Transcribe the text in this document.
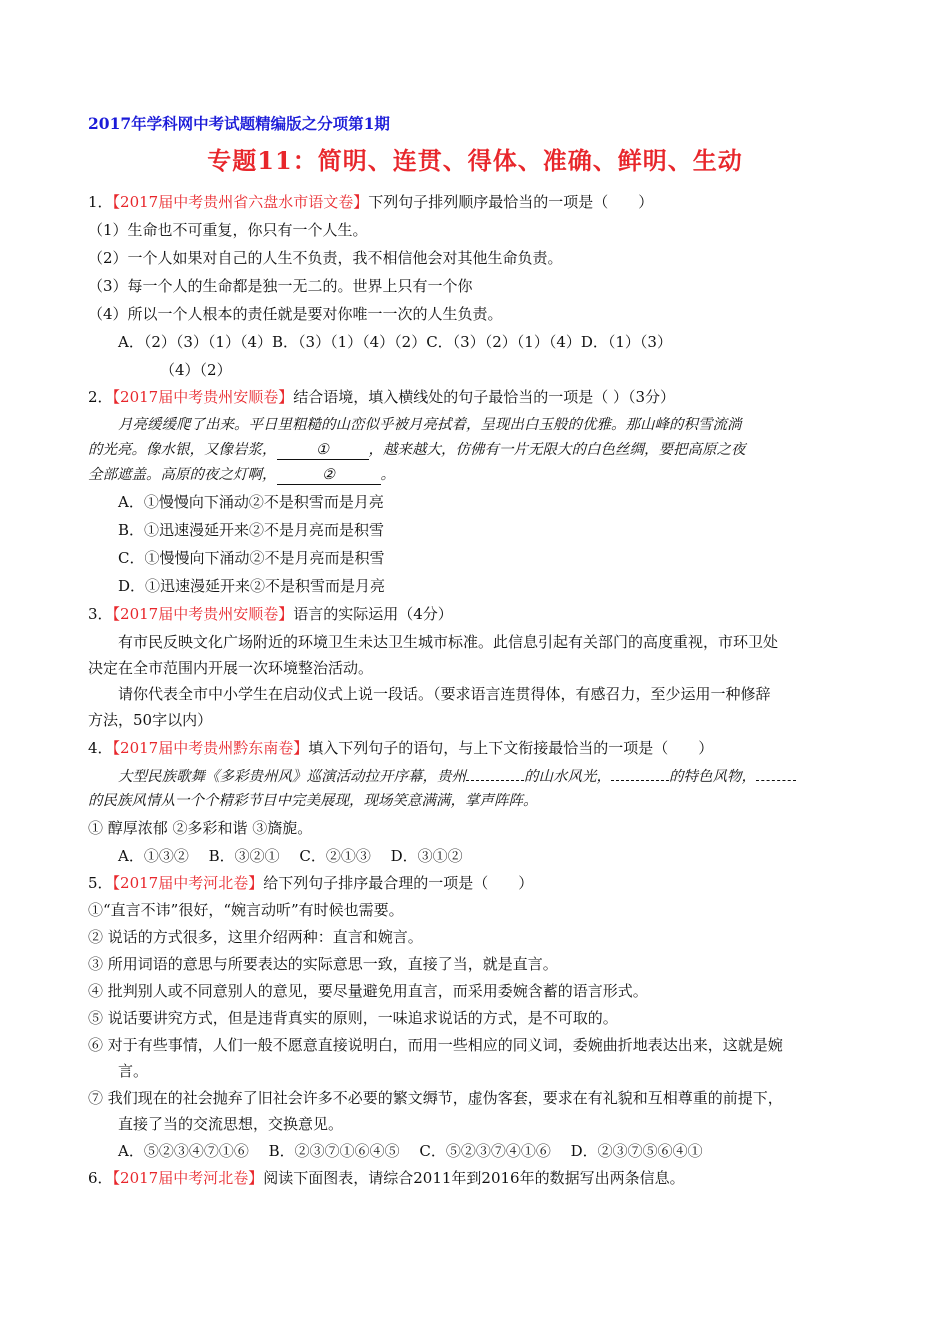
2017年学科网中考试题精编版之分项第1期
专题11：简明、连贯、得体、准确、鲜明、生动
1．【2017届中考贵州省六盘水市语文卷】下列句子排列顺序最恰当的一项是（　　）
（1）生命也不可重复，你只有一个人生。
（2）一个人如果对自己的人生不负责，我不相信他会对其他生命负责。
（3）每一个人的生命都是独一无二的。世界上只有一个你
（4）所以一个人根本的责任就是要对你唯一一次的人生负责。
A．（2）（3）（1）（4）B．（3）（1）（4）（2）C．（3）（2）（1）（4）D．（1）（3）
（4）（2）
2．【2017届中考贵州安顺卷】结合语境，填入横线处的句子最恰当的一项是（ ）（3分）
月亮缓缓爬了出来。平日里粗糙的山峦似乎被月亮拭着，呈现出白玉般的优雅。那山峰的积雪流淌
的光亮。像水银，又像岩浆，	①	，越来越大，仿佛有一片无限大的白色丝绸，要把高原之夜
全部遮盖。高原的夜之灯啊，	②	。
A．①慢慢向下涌动②不是积雪而是月亮
B．①迅速漫延开来②不是月亮而是积雪
C．①慢慢向下涌动②不是月亮而是积雪
D．①迅速漫延开来②不是积雪而是月亮
3．【2017届中考贵州安顺卷】语言的实际运用（4分）
有市民反映文化广场附近的环境卫生未达卫生城市标准。此信息引起有关部门的高度重视，市环卫处
决定在全市范围内开展一次环境整治活动。
请你代表全市中小学生在启动仪式上说一段话。（要求语言连贯得体，有感召力，至少运用一种修辞
方法，50字以内）
4．【2017届中考贵州黔东南卷】填入下列句子的语句，与上下文衔接最恰当的一项是（　　）
大型民族歌舞《多彩贵州风》巡演活动拉开序幕，贵州	的山水风光，	的特色风物，
的民族风情从一个个精彩节目中完美展现，现场笑意满满，掌声阵阵。
① 醇厚浓郁 ②多彩和谐 ③旖旎。
A．①③②　 B．③②①　 C．②①③　 D．③①②
5．【2017届中考河北卷】给下列句子排序最合理的一项是（　　）
①“直言不讳”很好，“婉言动听”有时候也需要。
② 说话的方式很多，这里介绍两种：直言和婉言。
③ 所用词语的意思与所要表达的实际意思一致，直接了当，就是直言。
④ 批判别人或不同意别人的意见，要尽量避免用直言，而采用委婉含蓄的语言形式。
⑤ 说话要讲究方式，但是违背真实的原则，一味追求说话的方式，是不可取的。
⑥ 对于有些事情，人们一般不愿意直接说明白，而用一些相应的同义词，委婉曲折地表达出来，这就是婉
言。
⑦ 我们现在的社会抛弃了旧社会许多不必要的繁文缛节，虚伪客套，要求在有礼貌和互相尊重的前提下，
直接了当的交流思想，交换意见。
A．⑤②③④⑦①⑥　 B．②③⑦①⑥④⑤　 C．⑤②③⑦④①⑥　 D．②③⑦⑤⑥④①
6．【2017届中考河北卷】阅读下面图表，请综合2011年到2016年的数据写出两条信息。
